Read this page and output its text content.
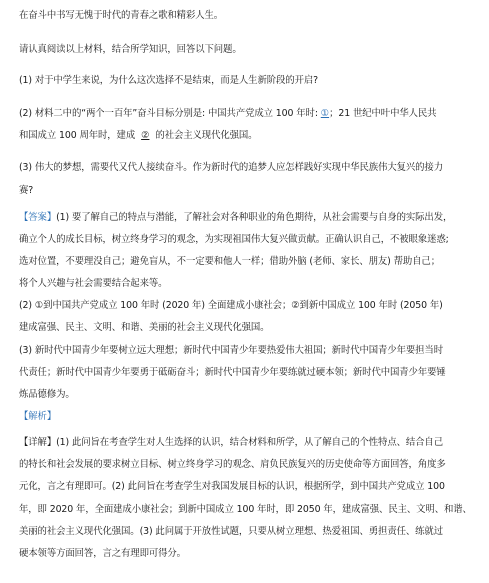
在奋斗中书写无愧于时代的青春之歌和精彩人生。
请认真阅读以上材料，结合所学知识，回答以下问题。
(1) 对于中学生来说，为什么这次选择不是结束，而是人生新阶段的开启?
(2) 材料二中的“两个一百年”奋斗目标分别是: 中国共产党成立 100 年时: ①；21 世纪中叶中华人民共
和国成立 100 周年时，建成 ② 的社会主义现代化强国。
(3) 伟大的梦想，需要代又代人接续奋斗。作为新时代的追梦人应怎样践好实现中华民族伟大复兴的接力
赛?
【答案】(1) 要了解自己的特点与潜能，了解社会对各种职业的角色期待，从社会需要与自身的实际出发，
确立个人的成长目标，树立终身学习的观念，为实现祖国伟大复兴做贡献。正确认识自己，不被眼象迷惑;
选对位置，不要理没自己；避免盲从，不一定要和他人一样；借助外脑 (老师、家长、朋友) 帮助自己；
将个人兴趣与社会需要结合起来等。
(2) ①到中国共产党成立 100 年时 (2020 年) 全面建成小康社会；②到新中国成立 100 年时 (2050 年)
建成富强、民主、文明、和谐、美丽的社会主义现代化强国。
(3) 新时代中国青少年要树立远大理想；新时代中国青少年要热爱伟大祖国；新时代中国青少年要担当时
代责任；新时代中国青少年要勇于砥砺奋斗；新时代中国青少年要练就过硬本领；新时代中国青少年要锤
炼品德修为。
【解析】
【详解】(1) 此问旨在考查学生对人生选择的认识，结合材料和所学，从了解自己的个性特点、结合自己
的特长和社会发展的要求树立目标、树立终身学习的观念、肩负民族复兴的历史使命等方面回答，角度多
元化，言之有理即可。(2) 此问旨在考查学生对我国发展目标的认识，根据所学，到中国共产党成立 100
年，即 2020 年，全面建成小康社会；到新中国成立 100 年时，即 2050 年，建成富强、民主、文明、和谐、
美丽的社会主义现代化强国。(3) 此问属于开放性试题，只要从树立理想、热爱祖国、勇担责任、练就过
硬本领等方面回答，言之有理即可得分。
